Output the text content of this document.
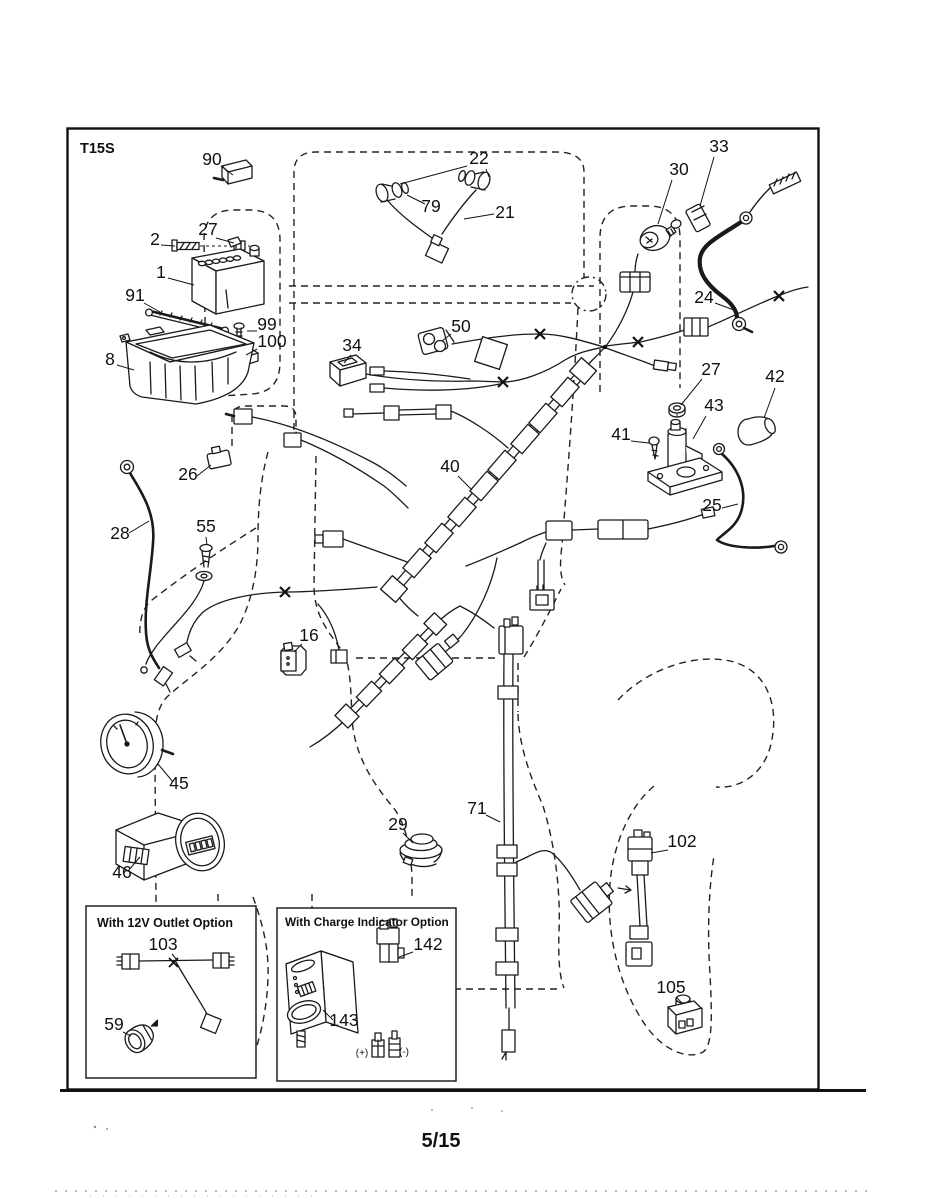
T15S	90	22
79	21
33
30
2 27
1
91
99
100
8
34
50
24
27	42
43
41
26	40
25
28	55
16
45
46
29
71
102
103
59
105
142
143
(+)	(-)
With 12V Outlet Option	With Charge Indicator Option
5/15
